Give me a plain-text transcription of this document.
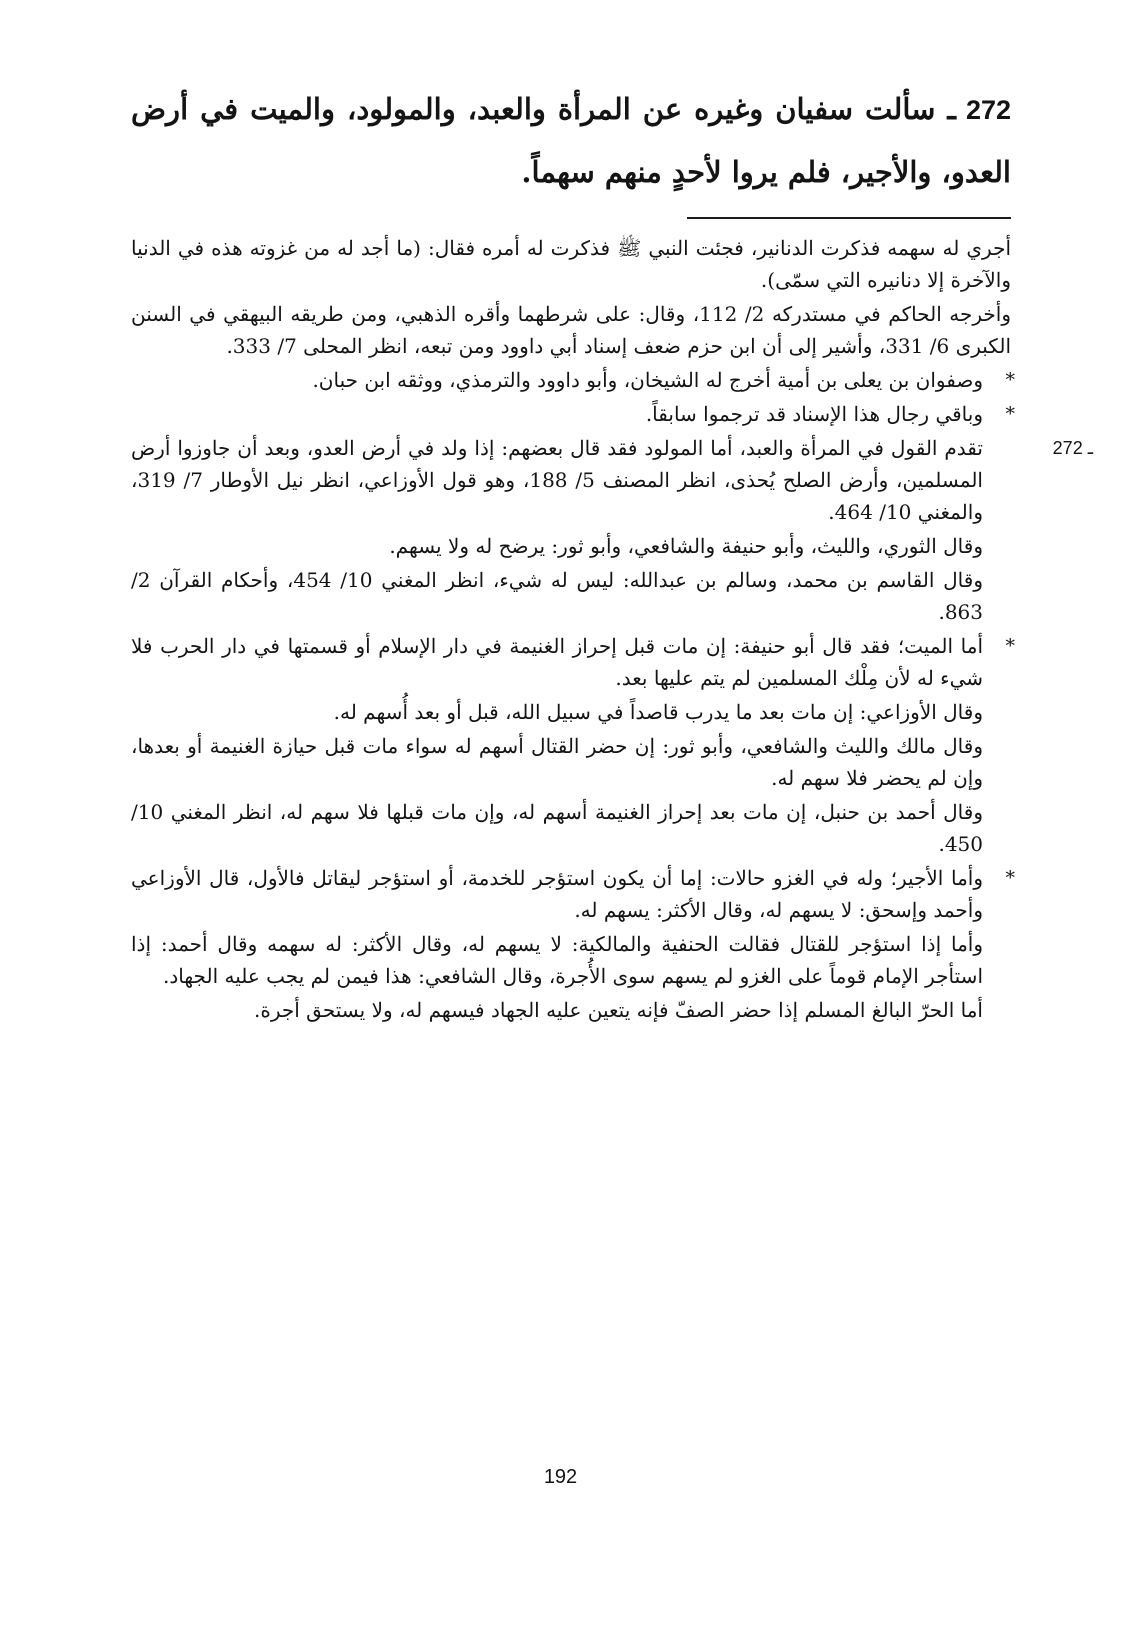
272ـ سألت سفيان وغيره عن المرأة والعبد، والمولود، والميت في أرض العدو، والأجير، فلم يروا لأحدٍ منهم سهماً.

أجري له سهمه فذكرت الدنانير، فجئت النبي ﷺ فذكرت له أمره فقال: (ما أجد له من غزوته هذه في الدنيا والآخرة إلا دنانيره التي سمّى).

وأخرجه الحاكم في مستدركه 2/ 112، وقال: على شرطهما وأقره الذهبي، ومن طريقه البيهقي في السنن الكبرى 6/ 331، وأشير إلى أن ابن حزم ضعف إسناد أبي داوود ومن تبعه، انظر المحلى 7/ 333.

*
وصفوان بن يعلى بن أمية أخرج له الشيخان، وأبو داوود والترمذي، ووثقه ابن حبان.

*
وباقي رجال هذا الإسناد قد ترجموا سابقاً.

272 ـ
تقدم القول في المرأة والعبد، أما المولود فقد قال بعضهم: إذا ولد في أرض العدو، وبعد أن جاوزوا أرض المسلمين، وأرض الصلح يُحذى، انظر المصنف 5/ 188، وهو قول الأوزاعي، انظر نيل الأوطار 7/ 319، والمغني 10/ 464.

وقال الثوري، والليث، وأبو حنيفة والشافعي، وأبو ثور: يرضح له ولا يسهم.

وقال القاسم بن محمد، وسالم بن عبدالله: ليس له شيء، انظر المغني 10/ 454، وأحكام القرآن 2/ 863.

*
أما الميت؛ فقد قال أبو حنيفة: إن مات قبل إحراز الغنيمة في دار الإسلام أو قسمتها في دار الحرب فلا شيء له لأن مِلْك المسلمين لم يتم عليها بعد.

وقال الأوزاعي: إن مات بعد ما يدرب قاصداً في سبيل الله، قبل أو بعد أُسهم له.

وقال مالك والليث والشافعي، وأبو ثور: إن حضر القتال أسهم له سواء مات قبل حيازة الغنيمة أو بعدها، وإن لم يحضر فلا سهم له.

وقال أحمد بن حنبل، إن مات بعد إحراز الغنيمة أسهم له، وإن مات قبلها فلا سهم له، انظر المغني 10/ 450.

*
وأما الأجير؛ وله في الغزو حالات: إما أن يكون استؤجر للخدمة، أو استؤجر ليقاتل فالأول، قال الأوزاعي وأحمد وإسحق: لا يسهم له، وقال الأكثر: يسهم له.

وأما إذا استؤجر للقتال فقالت الحنفية والمالكية: لا يسهم له، وقال الأكثر: له سهمه وقال أحمد: إذا استأجر الإمام قوماً على الغزو لم يسهم سوى الأُجرة، وقال الشافعي: هذا فيمن لم يجب عليه الجهاد.

أما الحرّ البالغ المسلم إذا حضر الصفّ فإنه يتعين عليه الجهاد فيسهم له، ولا يستحق أجرة.

192
